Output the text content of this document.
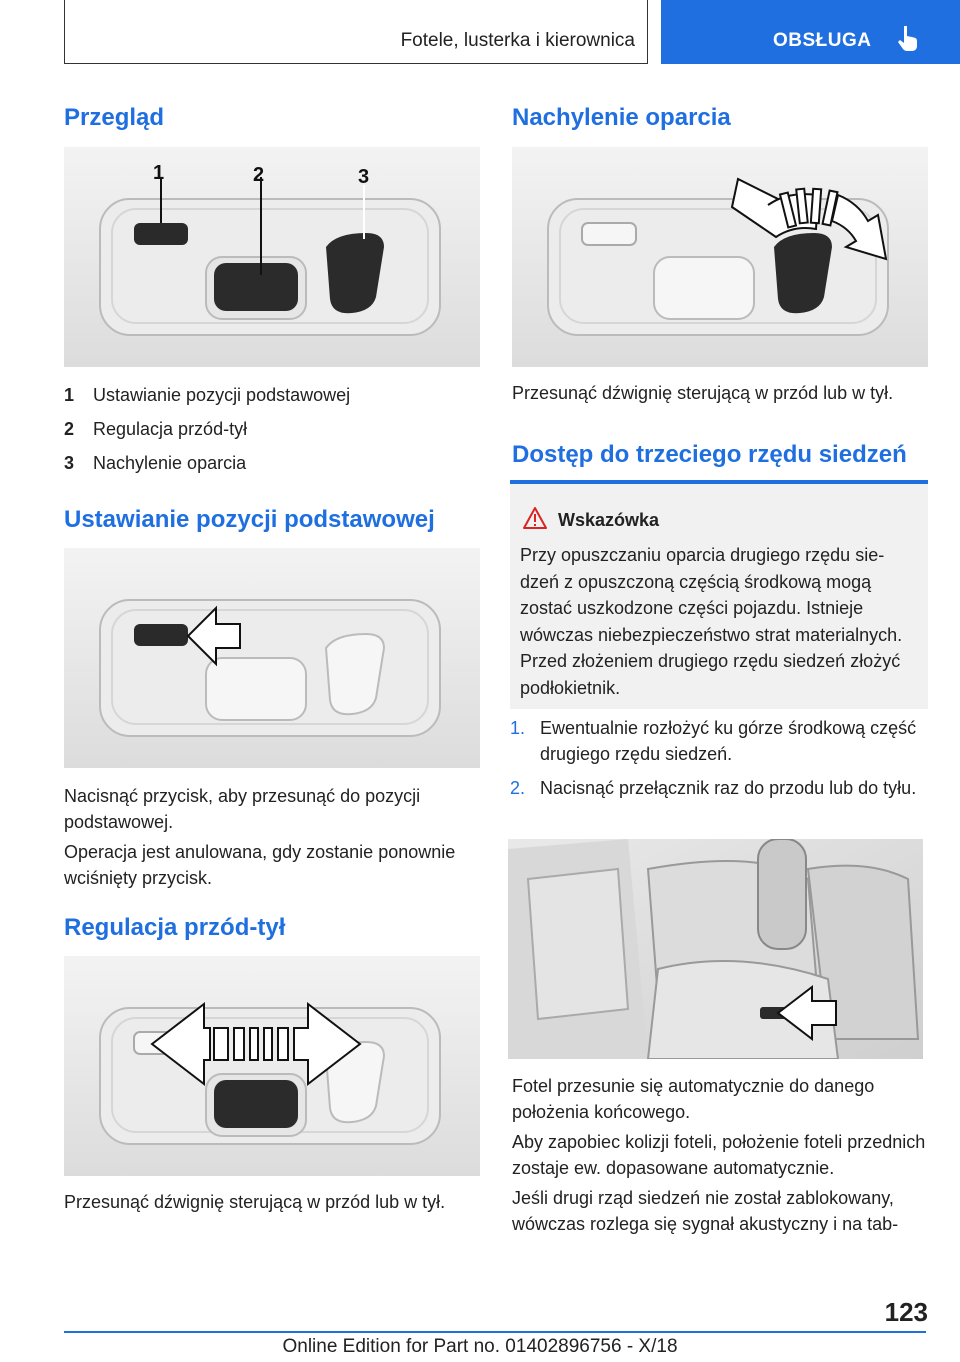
Fotele, lusterka i kierownica	OBSŁUGA
Przegląd
1	2	3
1 Ustawianie pozycji podstawowej
2 Regulacja przód-tył
3 Nachylenie oparcia
Ustawianie pozycji podstawowej

Nacisnąć przycisk, aby przesunąć do pozycji podstawowej.

Operacja jest anulowana, gdy zostanie ponownie wciśnięty przycisk.

Regulacja przód-tył

Przesunąć dźwignię sterującą w przód lub w tył.

Nachylenie oparcia

Przesunąć dźwignię sterującą w przód lub w tył.

Dostęp do trzeciego rzędu siedzeń
Wskazówka

Przy opuszczaniu oparcia drugiego rzędu siedzeń z opuszczoną częścią środkową mogą zostać uszkodzone części pojazdu. Istnieje wówczas niebezpieczeństwo strat materialnych. Przed złożeniem drugiego rzędu siedzeń złożyć podłokietnik.

1. Ewentualnie rozłożyć ku górze środkową część drugiego rzędu siedzeń.
2. Nacisnąć przełącznik raz do przodu lub do tyłu.

Fotel przesunie się automatycznie do danego położenia końcowego.

Aby zapobiec kolizji foteli, położenie foteli przednich zostaje ew. dopasowane automatycznie.

Jeśli drugi rząd siedzeń nie został zablokowany, wówczas rozlega się sygnał akustyczny i na tab-

123
Online Edition for Part no. 01402896756 - X/18
